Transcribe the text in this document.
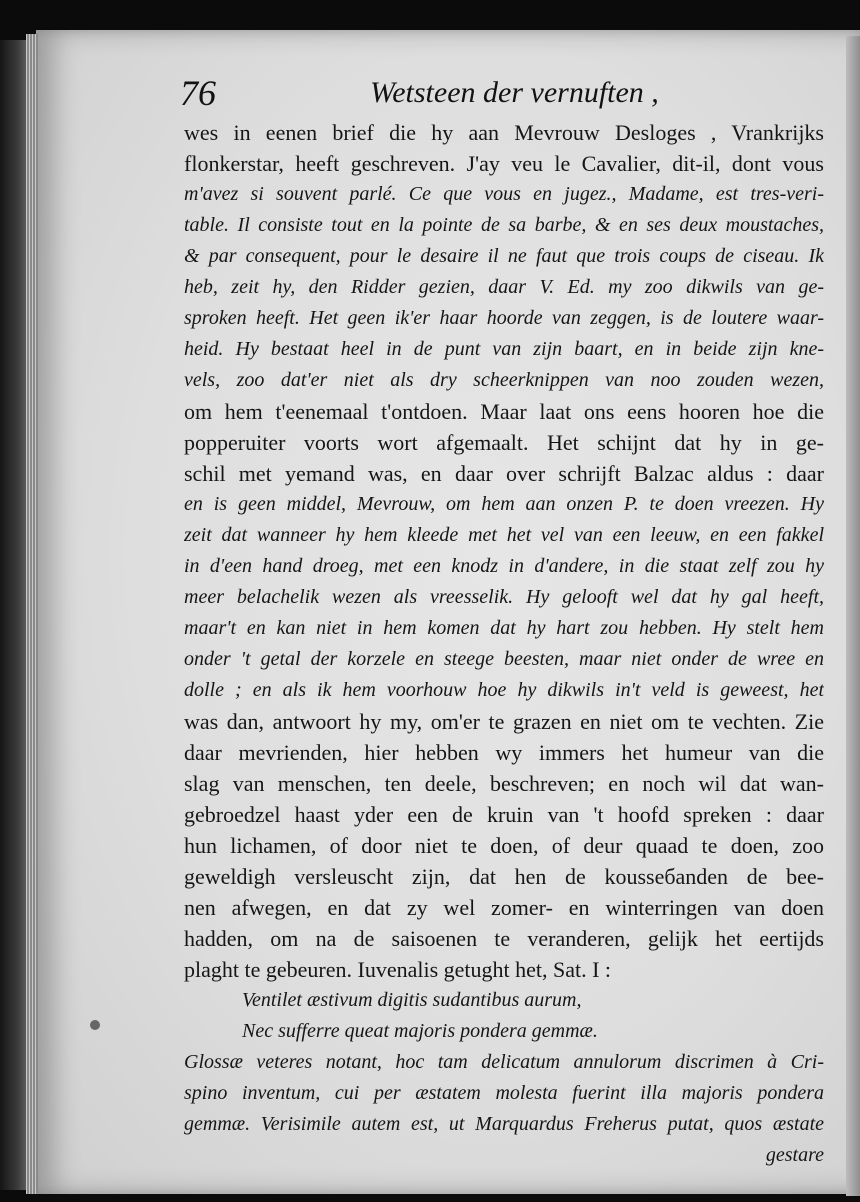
76	Wetsteen der vernuften ,
wes in eenen brief die hy aan Mevrouw Desloges , Vrankrijks
flonkerstar, heeft geschreven. J'ay veu le Cavalier, dit-il, dont vous
m'avez si souvent parlé. Ce que vous en jugez., Madame, est tres-veri-
table. Il consiste tout en la pointe de sa barbe, & en ses deux moustaches,
& par consequent, pour le desaire il ne faut que trois coups de ciseau. Ik
heb, zeit hy, den Ridder gezien, daar V. Ed. my zoo dikwils van ge-
sproken heeft. Het geen ik'er haar hoorde van zeggen, is de loutere waar-
heid. Hy bestaat heel in de punt van zijn baart, en in beide zijn kne-
vels, zoo dat'er niet als dry scheerknippen van noo zouden wezen,
om hem t'eenemaal t'ontdoen. Maar laat ons eens hooren hoe die
popperuiter voorts wort afgemaalt. Het schijnt dat hy in ge-
schil met yemand was, en daar over schrijft Balzac aldus : daar
en is geen middel, Mevrouw, om hem aan onzen P. te doen vreezen. Hy
zeit dat wanneer hy hem kleede met het vel van een leeuw, en een fakkel
in d'een hand droeg, met een knodz in d'andere, in die staat zelf zou hy
meer belachelik wezen als vreesselik. Hy gelooft wel dat hy gal heeft,
maar't en kan niet in hem komen dat hy hart zou hebben. Hy stelt hem
onder 't getal der korzele en steege beesten, maar niet onder de wree en
dolle ; en als ik hem voorhouw hoe hy dikwils in't veld is geweest, het
was dan, antwoort hy my, om'er te grazen en niet om te vechten. Zie
daar mevrienden, hier hebben wy immers het humeur van die
slag van menschen, ten deele, beschreven; en noch wil dat wan-
gebroedzel haast yder een de kruin van 't hoofd spreken : daar
hun lichamen, of door niet te doen, of deur quaad te doen, zoo
geweldigh versleuscht zijn, dat hen de kousseбanden de bee-
nen afwegen, en dat zy wel zomer- en winterringen van doen
hadden, om na de saisoenen te veranderen, gelijk het eertijds
plaght te gebeuren. Iuvenalis getught het, Sat. I :
Ventilet æstivum digitis sudantibus aurum,
Nec sufferre queat majoris pondera gemmæ.
Glossæ veteres notant, hoc tam delicatum annulorum discrimen à Cri-
spino inventum, cui per æstatem molesta fuerint illa majoris pondera
gemmæ. Verisimile autem est, ut Marquardus Freherus putat, quos æstate
gestare
